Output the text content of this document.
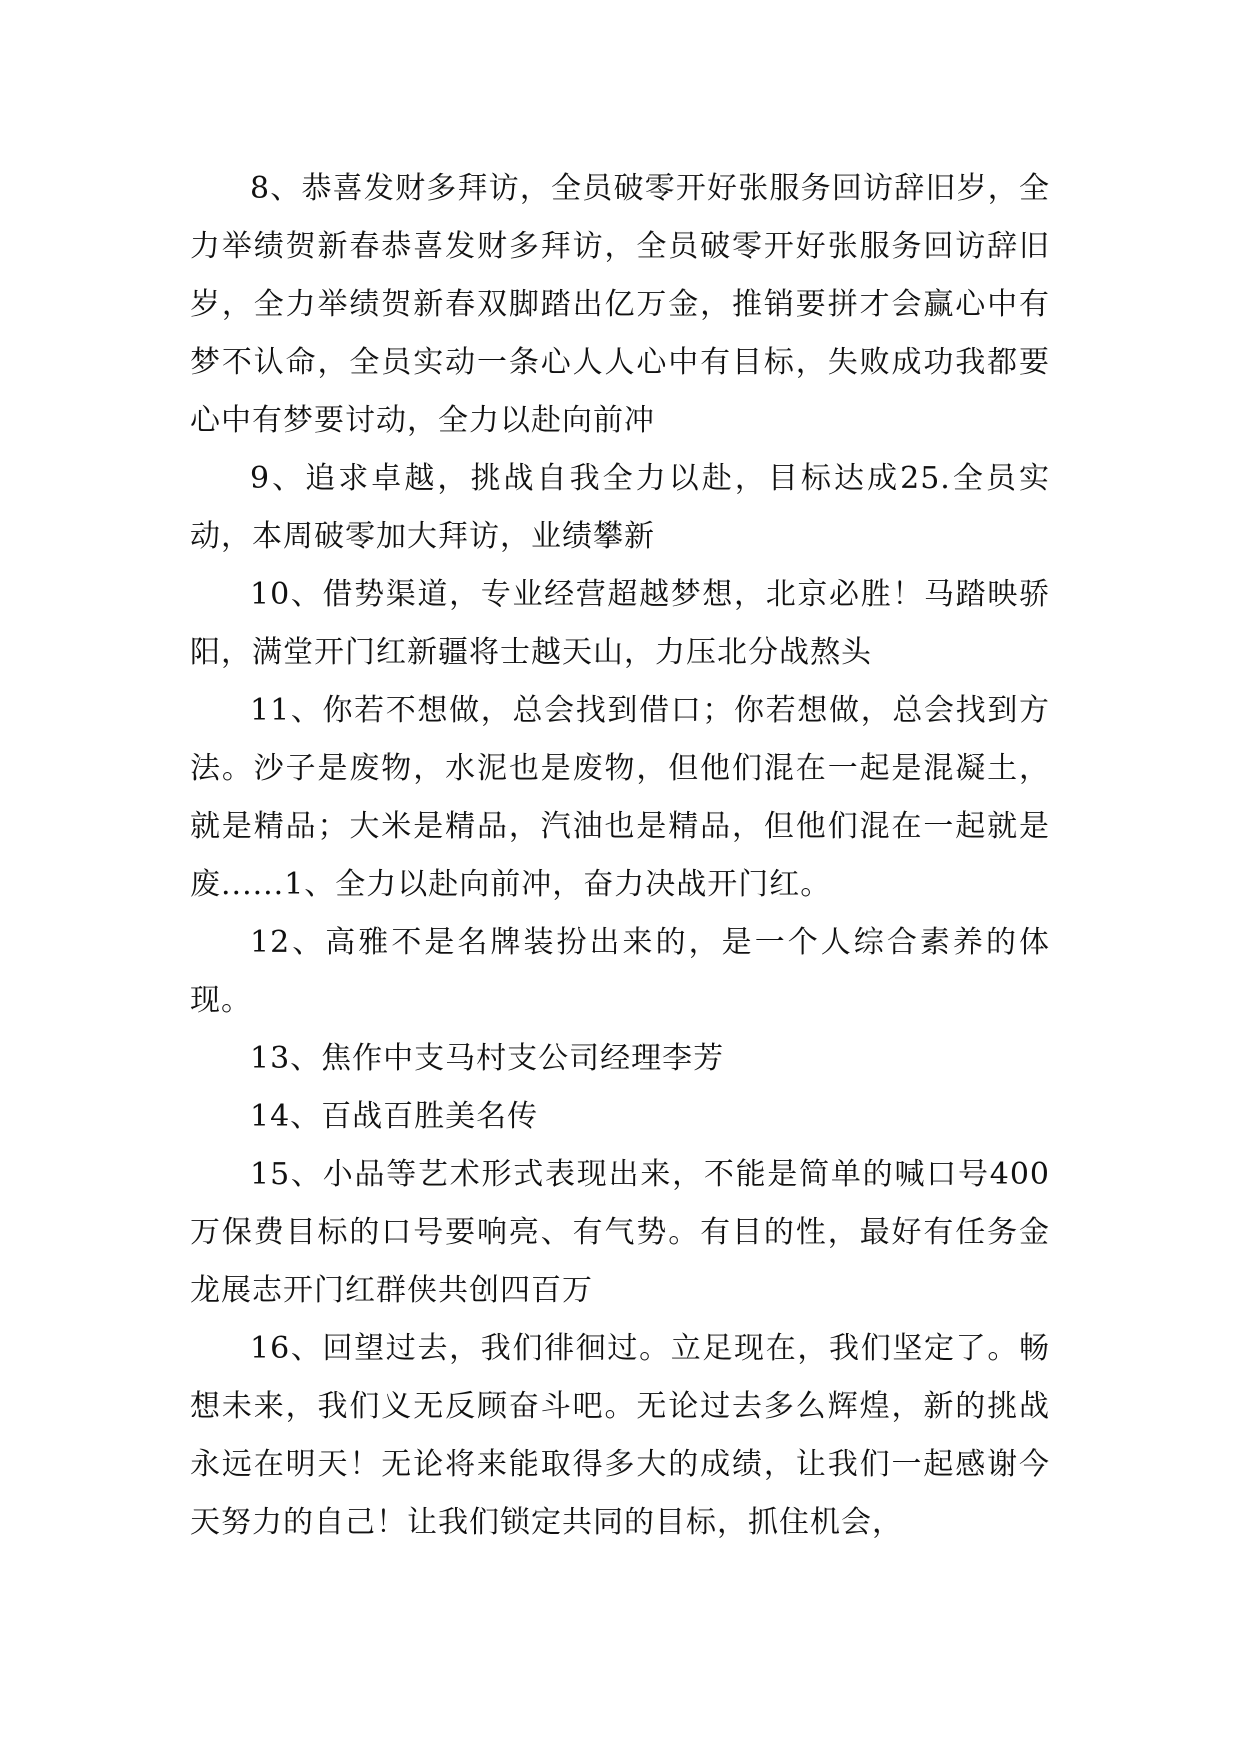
8、恭喜发财多拜访，全员破零开好张服务回访辞旧岁，全力举绩贺新春恭喜发财多拜访，全员破零开好张服务回访辞旧岁，全力举绩贺新春双脚踏出亿万金，推销要拼才会赢心中有梦不认命，全员实动一条心人人心中有目标，失败成功我都要心中有梦要讨动，全力以赴向前冲

9、追求卓越，挑战自我全力以赴，目标达成25.全员实动，本周破零加大拜访，业绩攀新

10、借势渠道，专业经营超越梦想，北京必胜！马踏映骄阳，满堂开门红新疆将士越天山，力压北分战熬头

11、你若不想做，总会找到借口；你若想做，总会找到方法。沙子是废物，水泥也是废物，但他们混在一起是混凝土，就是精品；大米是精品，汽油也是精品，但他们混在一起就是废......1、全力以赴向前冲，奋力决战开门红。

12、高雅不是名牌装扮出来的，是一个人综合素养的体现。

13、焦作中支马村支公司经理李芳

14、百战百胜美名传

15、小品等艺术形式表现出来，不能是简单的喊口号400万保费目标的口号要响亮、有气势。有目的性，最好有任务金龙展志开门红群侠共创四百万

16、回望过去，我们徘徊过。立足现在，我们坚定了。畅想未来，我们义无反顾奋斗吧。无论过去多么辉煌，新的挑战永远在明天！无论将来能取得多大的成绩，让我们一起感谢今天努力的自己！让我们锁定共同的目标，抓住机会，
